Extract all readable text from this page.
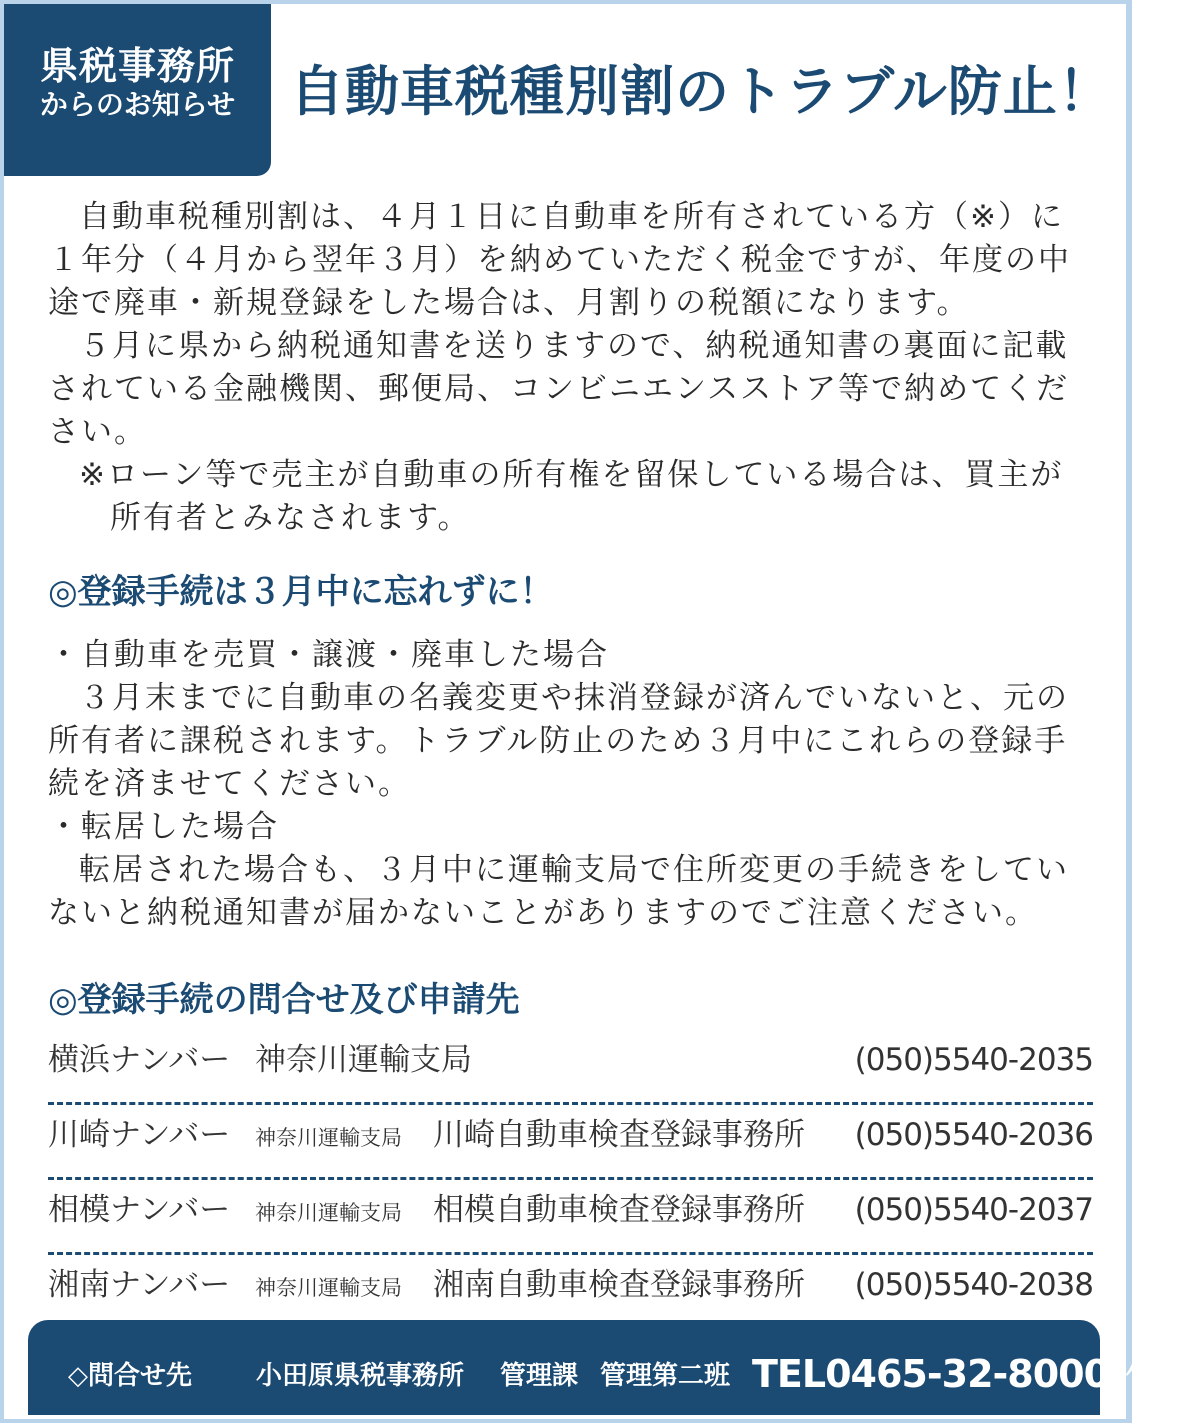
県税事務所
からのお知らせ	自動車税種別割のトラブル防止！

自動車税種別割は、４月１日に自動車を所有されている方（※）に１年分（４月から翌年３月）を納めていただく税金ですが、年度の中途で廃車・新規登録をした場合は、月割りの税額になります。

５月に県から納税通知書を送りますので、納税通知書の裏面に記載されている金融機関、郵便局、コンビニエンスストア等で納めてください。

※ローン等で売主が自動車の所有権を留保している場合は、買主が

所有者とみなされます。

◎登録手続は３月中に忘れずに！

・自動車を売買・譲渡・廃車した場合

３月末までに自動車の名義変更や抹消登録が済んでいないと、元の所有者に課税されます。トラブル防止のため３月中にこれらの登録手続を済ませてください。

・転居した場合

転居された場合も、３月中に運輸支局で住所変更の手続きをしていないと納税通知書が届かないことがありますのでご注意ください。

◎登録手続の問合せ及び申請先
横浜ナンバー 神奈川運輸支局	(050)5540-2035
川崎ナンバー 神奈川運輸支局 川崎自動車検査登録事務所 (050)5540-2036
相模ナンバー 神奈川運輸支局 相模自動車検査登録事務所 (050)5540-2037
湘南ナンバー 神奈川運輸支局 湘南自動車検査登録事務所 (050)5540-2038
◇問合せ先 小田原県税事務所 管理課 管理第二班 TEL0465-32-8000(代)
